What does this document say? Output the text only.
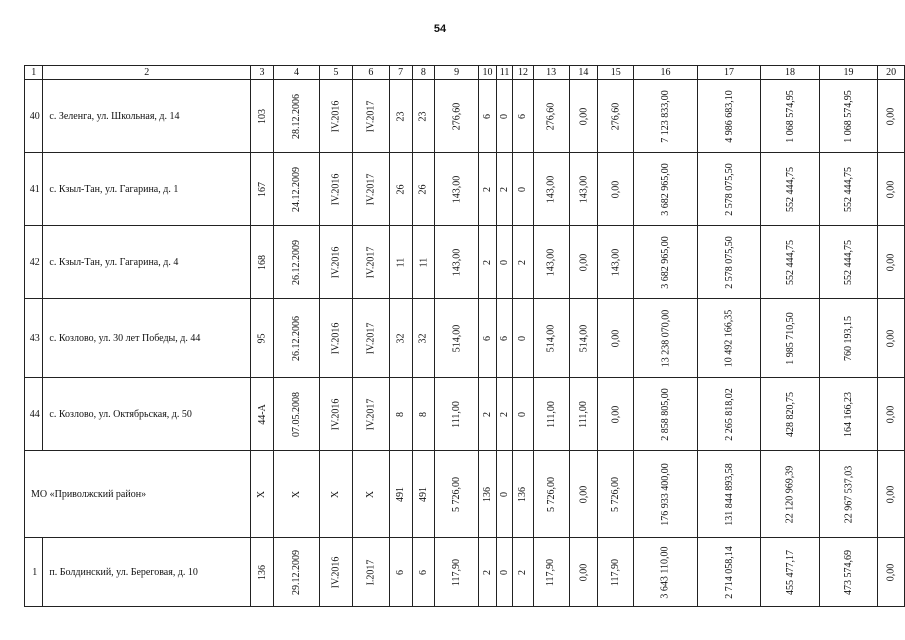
54
1	2	3	4	5	6	7	8	9	10	11	12	13	14	15	16	17	18	19	20
40	с. Зеленга, ул. Школьная, д. 14	103	28.12.2006	IV.2016	IV.2017	23	23	276,60	6	0	6	276,60	0,00	276,60	7 123 833,00	4 986 683,10	1 068 574,95	1 068 574,95	0,00
41	с. Кзыл-Тан, ул. Гагарина, д. 1	167	24.12.2009	IV.2016	IV.2017	26	26	143,00	2	2	0	143,00	143,00	0,00	3 682 965,00	2 578 075,50	552 444,75	552 444,75	0,00
42	с. Кзыл-Тан, ул. Гагарина, д. 4	168	26.12.2009	IV.2016	IV.2017	11	11	143,00	2	0	2	143,00	0,00	143,00	3 682 965,00	2 578 075,50	552 444,75	552 444,75	0,00
43	с. Козлово, ул. 30 лет Победы, д. 44	95	26.12.2006	IV.2016	IV.2017	32	32	514,00	6	6	0	514,00	514,00	0,00	13 238 070,00	10 492 166,35	1 985 710,50	760 193,15	0,00
44	с. Козлово, ул. Октябрьская, д. 50	44-А	07.05.2008	IV.2016	IV.2017	8	8	111,00	2	2	0	111,00	111,00	0,00	2 858 805,00	2 265 818,02	428 820,75	164 166,23	0,00
МО «Приволжский район»		X	X	X	X	491	491	5 726,00	136	0	136	5 726,00	0,00	5 726,00	176 933 400,00	131 844 893,58	22 120 969,39	22 967 537,03	0,00
1	п. Болдинский, ул. Береговая, д. 10	136	29.12.2009	IV.2016	I.2017	6	6	117,90	2	0	2	117,90	0,00	117,90	3 643 110,00	2 714 058,14	455 477,17	473 574,69	0,00
